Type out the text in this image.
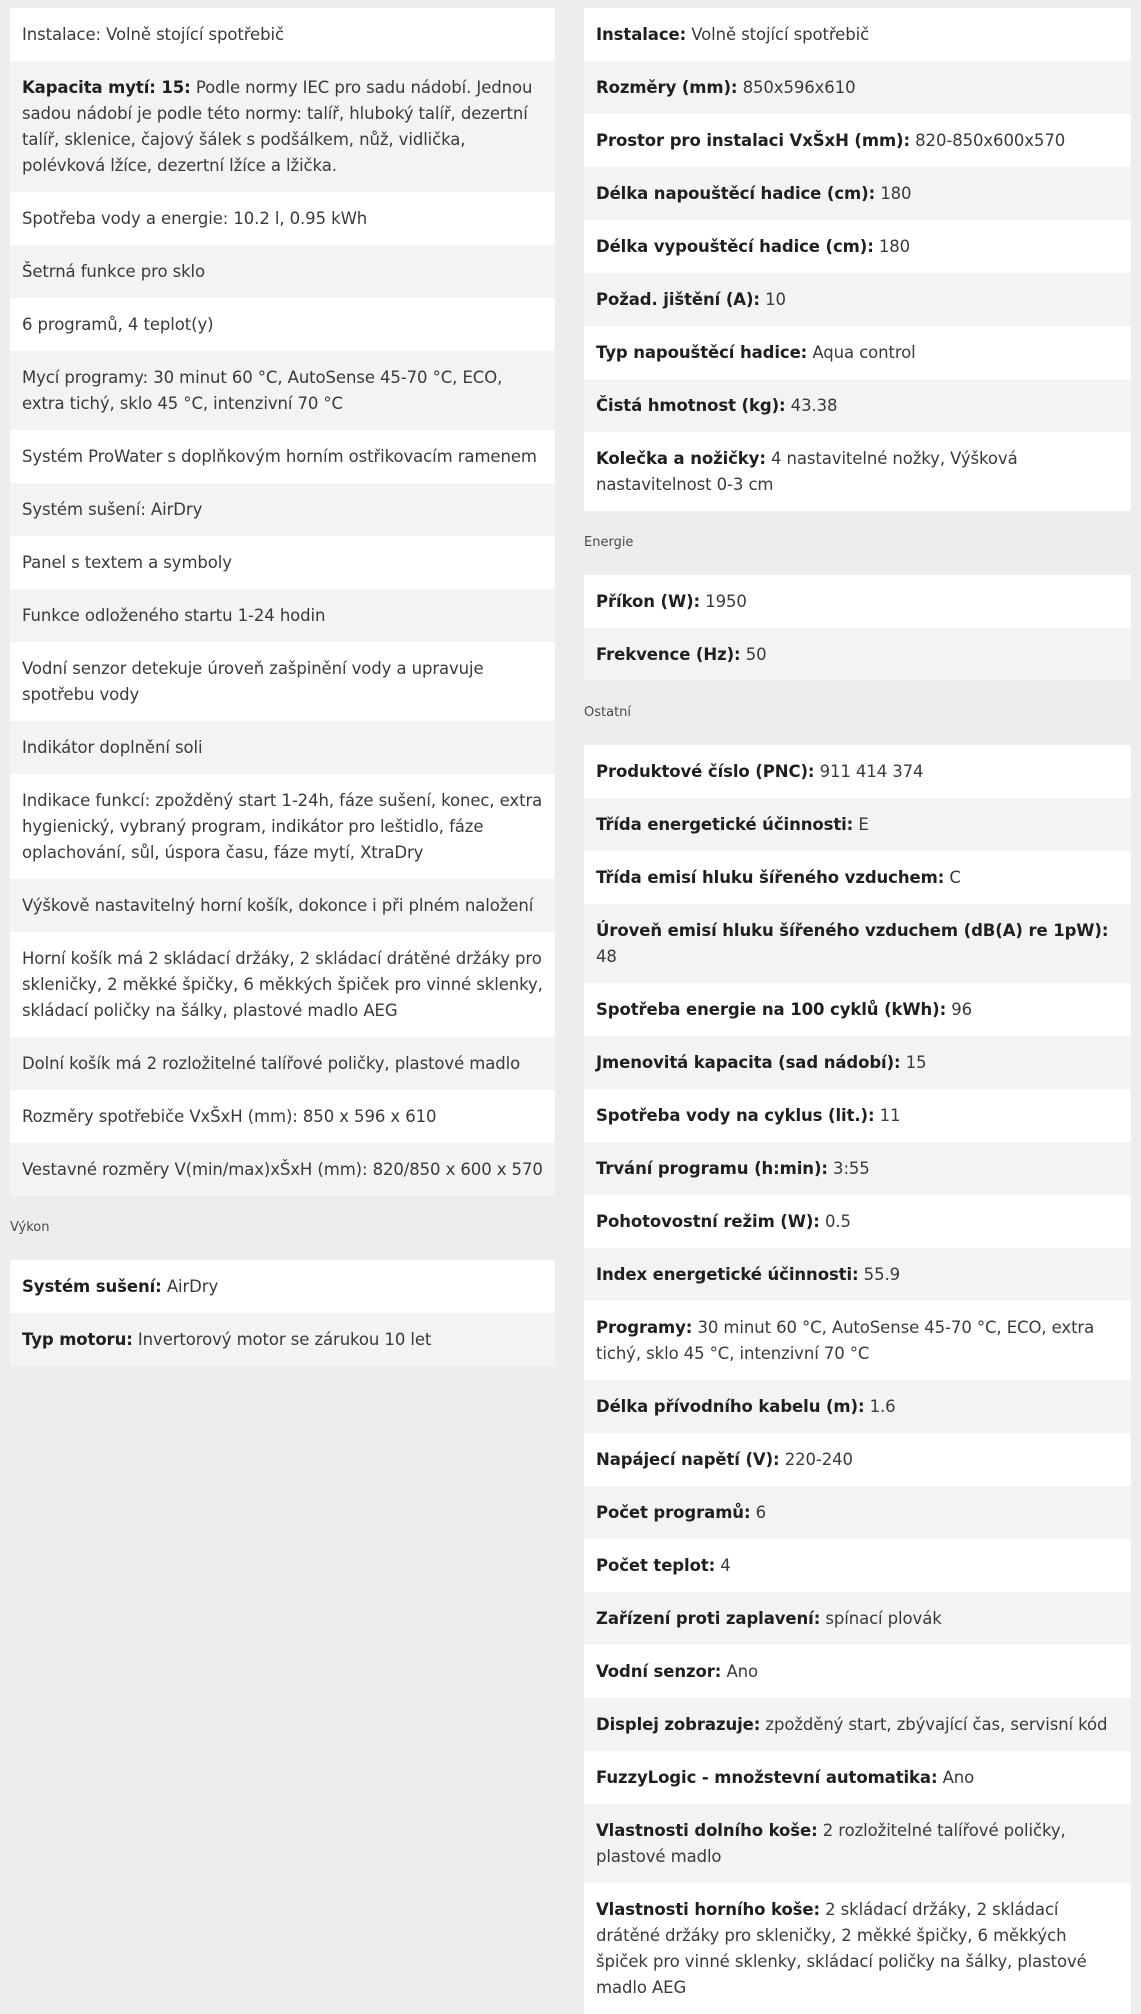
Instalace: Volně stojící spotřebič
Kapacita mytí: 15: Podle normy IEC pro sadu nádobí. Jednou sadou nádobí je podle této normy: talíř, hluboký talíř, dezertní talíř, sklenice, čajový šálek s podšálkem, nůž, vidlička, polévková lžíce, dezertní lžíce a lžička.
Spotřeba vody a energie: 10.2 l, 0.95 kWh
Šetrná funkce pro sklo
6 programů, 4 teplot(y)
Mycí programy: 30 minut 60 °C, AutoSense 45-70 °C, ECO, extra tichý, sklo 45 °C, intenzivní 70 °C
Systém ProWater s doplňkovým horním ostřikovacím ramenem
Systém sušení: AirDry
Panel s textem a symboly
Funkce odloženého startu 1-24 hodin
Vodní senzor detekuje úroveň zašpinění vody a upravuje spotřebu vody
Indikátor doplnění soli
Indikace funkcí: zpožděný start 1-24h, fáze sušení, konec, extra hygienický, vybraný program, indikátor pro leštidlo, fáze oplachování, sůl, úspora času, fáze mytí, XtraDry
Výškově nastavitelný horní košík, dokonce i při plném naložení
Horní košík má 2 skládací držáky, 2 skládací drátěné držáky pro skleničky, 2 měkké špičky, 6 měkkých špiček pro vinné sklenky, skládací poličky na šálky, plastové madlo AEG
Dolní košík má 2 rozložitelné talířové poličky, plastové madlo
Rozměry spotřebiče VxŠxH (mm): 850 x 596 x 610
Vestavné rozměry V(min/max)xŠxH (mm): 820/850 x 600 x 570
Výkon
Systém sušení: AirDry
Typ motoru: Invertorový motor se zárukou 10 let
Instalace: Volně stojící spotřebič
Rozměry (mm): 850x596x610
Prostor pro instalaci VxŠxH (mm): 820-850x600x570
Délka napouštěcí hadice (cm): 180
Délka vypouštěcí hadice (cm): 180
Požad. jištění (A): 10
Typ napouštěcí hadice: Aqua control
Čistá hmotnost (kg): 43.38
Kolečka a nožičky: 4 nastavitelné nožky, Výšková nastavitelnost 0-3 cm
Energie
Příkon (W): 1950
Frekvence (Hz): 50
Ostatní
Produktové číslo (PNC): 911 414 374
Třída energetické účinnosti: E
Třída emisí hluku šířeného vzduchem: C
Úroveň emisí hluku šířeného vzduchem (dB(A) re 1pW): 48
Spotřeba energie na 100 cyklů (kWh): 96
Jmenovitá kapacita (sad nádobí): 15
Spotřeba vody na cyklus (lit.): 11
Trvání programu (h:min): 3:55
Pohotovostní režim (W): 0.5
Index energetické účinnosti: 55.9
Programy: 30 minut 60 °C, AutoSense 45-70 °C, ECO, extra tichý, sklo 45 °C, intenzivní 70 °C
Délka přívodního kabelu (m): 1.6
Napájecí napětí (V): 220-240
Počet programů: 6
Počet teplot: 4
Zařízení proti zaplavení: spínací plovák
Vodní senzor: Ano
Displej zobrazuje: zpožděný start, zbývající čas, servisní kód
FuzzyLogic - množstevní automatika: Ano
Vlastnosti dolního koše: 2 rozložitelné talířové poličky, plastové madlo
Vlastnosti horního koše: 2 skládací držáky, 2 skládací drátěné držáky pro skleničky, 2 měkké špičky, 6 měkkých špiček pro vinné sklenky, skládací poličky na šálky, plastové madlo AEG
